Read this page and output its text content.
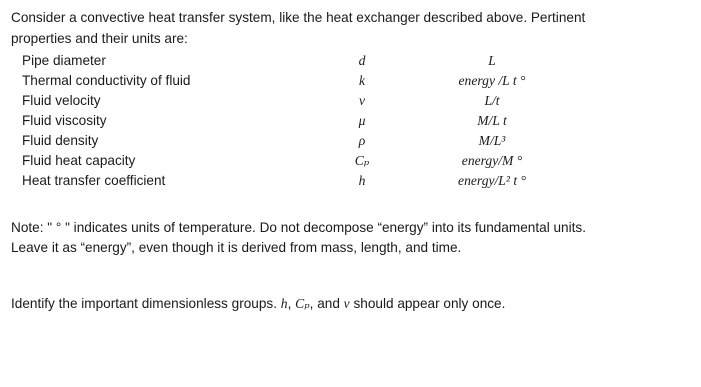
Consider a convective heat transfer system, like the heat exchanger described above. Pertinent
properties and their units are:
Pipe diameter	d	L
Thermal conductivity of fluid	k	energy /L t °
Fluid velocity	v	L/t
Fluid viscosity	μ	M/L t
Fluid density	ρ	M/L³
Fluid heat capacity	Cₚ	energy/M °
Heat transfer coefficient	h	energy/L² t °
Note: " ° " indicates units of temperature. Do not decompose “energy” into its fundamental units.
Leave it as “energy”, even though it is derived from mass, length, and time.
Identify the important dimensionless groups. h, Cₚ, and v should appear only once.
